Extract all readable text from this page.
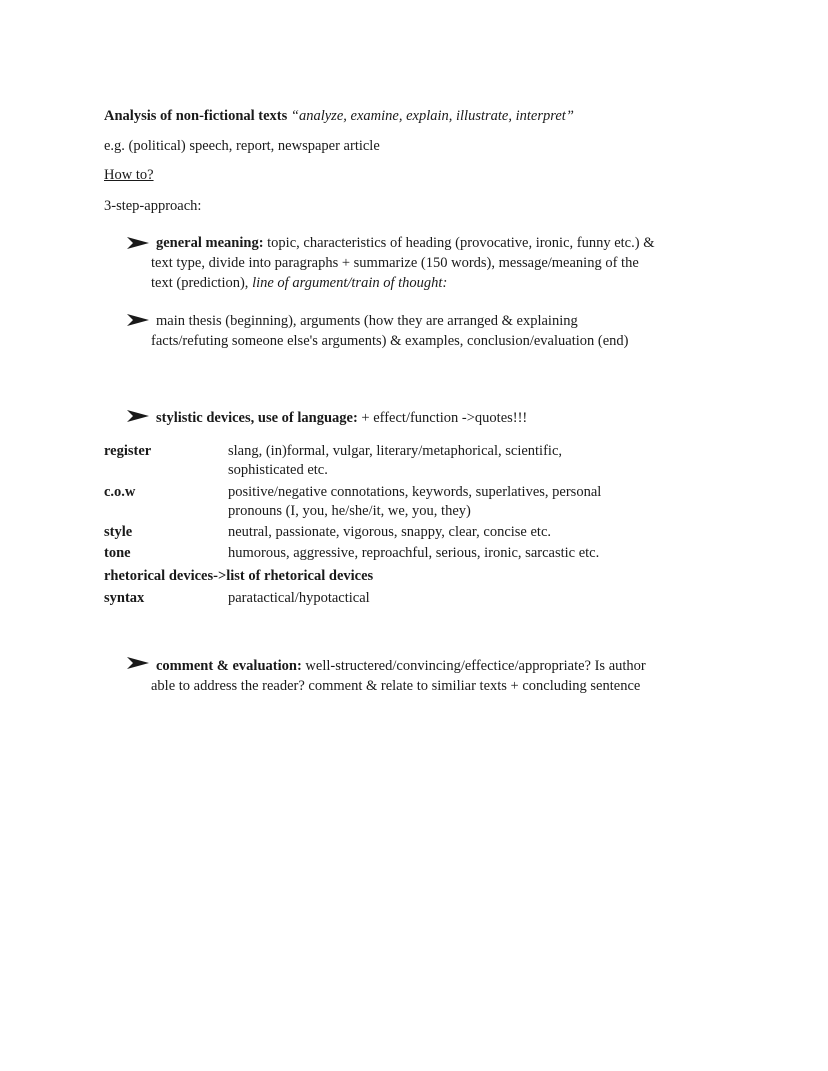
Analysis of non-fictional texts “analyze, examine, explain, illustrate, interpret”
e.g. (political) speech, report, newspaper article
How to?
3-step-approach:
general meaning: topic, characteristics of heading (provocative, ironic, funny etc.) &
text type, divide into paragraphs + summarize (150 words), message/meaning of the
text (prediction), line of argument/train of thought:
main thesis (beginning), arguments (how they are arranged & explaining
facts/refuting someone else's arguments) & examples, conclusion/evaluation (end)
stylistic devices, use of language: + effect/function ->quotes!!!
register	slang, (in)formal, vulgar, literary/metaphorical, scientific,
sophisticated etc.
c.o.w	positive/negative connotations, keywords, superlatives, personal
pronouns (I, you, he/she/it, we, you, they)
style	neutral, passionate, vigorous, snappy, clear, concise etc.
tone	humorous, aggressive, reproachful, serious, ironic, sarcastic etc.
rhetorical devices->list of rhetorical devices
syntax	paratactical/hypotactical
comment & evaluation: well-structered/convincing/effectice/appropriate? Is author
able to address the reader? comment & relate to similiar texts + concluding sentence
